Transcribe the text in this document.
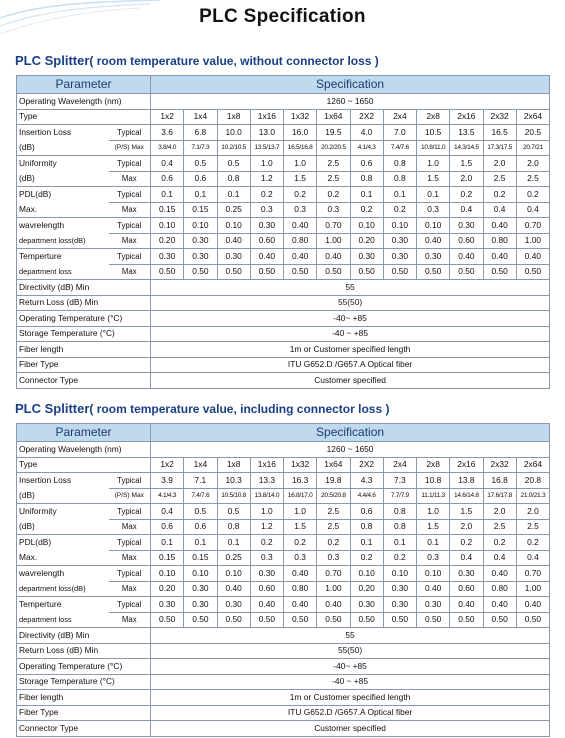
PLC Specification
PLC Splitter( room temperature value, without connector loss )
Parameter		Specification											
Operating Wavelength (nm)		1260 ~ 1650											
Type		1x2	1x4	1x8	1x16	1x32	1x64	2X2	2x4	2x8	2x16	2x32	2x64
Insertion Loss	Typical	3.6	6.8	10.0	13.0	16.0	19.5	4.0	7.0	10.5	13.5	16.5	20.5
(dB)	(P/S) Max	3.8/4.0	7.1/7.3	10.2/10.5	13.5/13.7	16.5/16.8	20.2/20.5	4.1/4.3	7.4/7.6	10.8/11.0	14.3/14.5	17.3/17.5	20.7/21
Uniformity	Typical	0.4	0.5	0.5	1.0	1.0	2.5	0.6	0.8	1.0	1.5	2.0	2.0
(dB)	Max	0.6	0.6	0.8	1.2	1.5	2.5	0.8	0.8	1.5	2.0	2.5	2.5
PDL(dB)	Typical	0.1	0.1	0.1	0.2	0.2	0.2	0.1	0.1	0.1	0.2	0.2	0.2
Max.	Max	0.15	0.15	0.25	0.3	0.3	0.3	0.2	0.2	0.3	0.4	0.4	0.4
wavrelength	Typical	0.10	0.10	0.10	0.30	0.40	0.70	0.10	0.10	0.10	0.30	0.40	0.70
department loss(dB)	Max	0.20	0.30	0.40	0.60	0.80	1.00	0.20	0.30	0.40	0.60	0.80	1.00
Temperture	Typical	0.30	0.30	0.30	0.40	0.40	0.40	0.30	0.30	0.30	0.40	0.40	0.40
department loss	Max	0.50	0.50	0.50	0.50	0.50	0.50	0.50	0.50	0.50	0.50	0.50	0.50
Directivity (dB) Min		55											
Return Loss (dB) Min		55(50)											
Operating Temperature (°C)		-40~ +85											
Storage Temperature (°C)		-40 ~ +85											
Fiber length		1m or Customer specified length											
Fiber Type		ITU G652.D /G657.A Optical fiber											
Connector Type		Customer specified											
PLC Splitter( room temperature value, including connector loss )
Parameter		Specification											
Operating Wavelength (nm)		1260 ~ 1650											
Type		1x2	1x4	1x8	1x16	1x32	1x64	2X2	2x4	2x8	2x16	2x32	2x64
Insertion Loss	Typical	3.9	7.1	10.3	13.3	16.3	19.8	4.3	7.3	10.8	13.8	16.8	20.8
(dB)	(P/S) Max	4.1/4.3	7.4/7.6	10.5/10.8	13.8/14.0	16.8/17.0	20.5/20.8	4.4/4.6	7.7/7.9	11.1/11.3	14.6/14.8	17.6/17.8	21.0/21.3
Uniformity	Typical	0.4	0.5	0.5	1.0	1.0	2.5	0.6	0.8	1.0	1.5	2.0	2.0
(dB)	Max	0.6	0.6	0.8	1.2	1.5	2.5	0.8	0.8	1.5	2.0	2.5	2.5
PDL(dB)	Typical	0.1	0.1	0.1	0.2	0.2	0.2	0.1	0.1	0.1	0.2	0.2	0.2
Max.	Max	0.15	0.15	0.25	0.3	0.3	0.3	0.2	0.2	0.3	0.4	0.4	0.4
wavrelength	Typical	0.10	0.10	0.10	0.30	0.40	0.70	0.10	0.10	0.10	0.30	0.40	0.70
department loss(dB)	Max	0.20	0.30	0.40	0.60	0.80	1.00	0.20	0.30	0.40	0.60	0.80	1.00
Temperture	Typical	0.30	0.30	0.30	0.40	0.40	0.40	0.30	0.30	0.30	0.40	0.40	0.40
department loss	Max	0.50	0.50	0.50	0.50	0.50	0.50	0.50	0.50	0.50	0.50	0.50	0.50
Directivity (dB) Min		55											
Return Loss (dB) Min		55(50)											
Operating Temperature (°C)		-40~ +85											
Storage Temperature (°C)		-40 ~ +85											
Fiber length		1m or Customer specified length											
Fiber Type		ITU G652.D /G657.A Optical fiber											
Connector Type		Customer specified											
